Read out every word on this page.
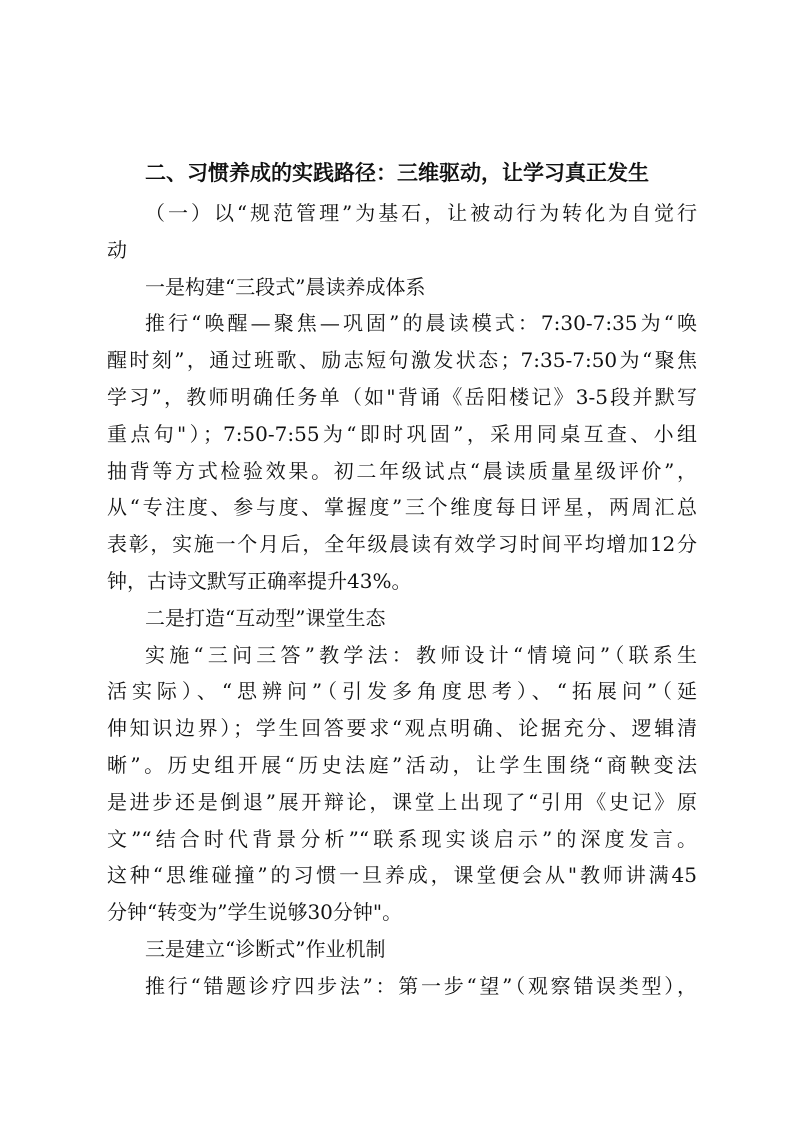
二、习惯养成的实践路径：三维驱动，让学习真正发生
（一）以“规范管理”为基石，让被动行为转化为自觉行
动
一是构建“三段式”晨读养成体系
推行“唤醒—聚焦—巩固”的晨读模式：7:30-7:35为“唤
醒时刻”，通过班歌、励志短句激发状态；7:35-7:50为“聚焦
学习”，教师明确任务单（如"背诵《岳阳楼记》3-5段并默写
重点句"）；7:50-7:55为“即时巩固”，采用同桌互查、小组
抽背等方式检验效果。初二年级试点“晨读质量星级评价”，
从“专注度、参与度、掌握度”三个维度每日评星，两周汇总
表彰，实施一个月后，全年级晨读有效学习时间平均增加12分
钟，古诗文默写正确率提升43%。
二是打造“互动型”课堂生态
实施“三问三答”教学法：教师设计“情境问”（联系生
活实际）、“思辨问”（引发多角度思考）、“拓展问”（延
伸知识边界）；学生回答要求“观点明确、论据充分、逻辑清
晰”。历史组开展“历史法庭”活动，让学生围绕“商鞅变法
是进步还是倒退”展开辩论，课堂上出现了“引用《史记》原
文”“结合时代背景分析”“联系现实谈启示”的深度发言。
这种“思维碰撞”的习惯一旦养成，课堂便会从"教师讲满45
分钟“转变为”学生说够30分钟"。
三是建立“诊断式”作业机制
推行“错题诊疗四步法”：第一步“望”（观察错误类型），
